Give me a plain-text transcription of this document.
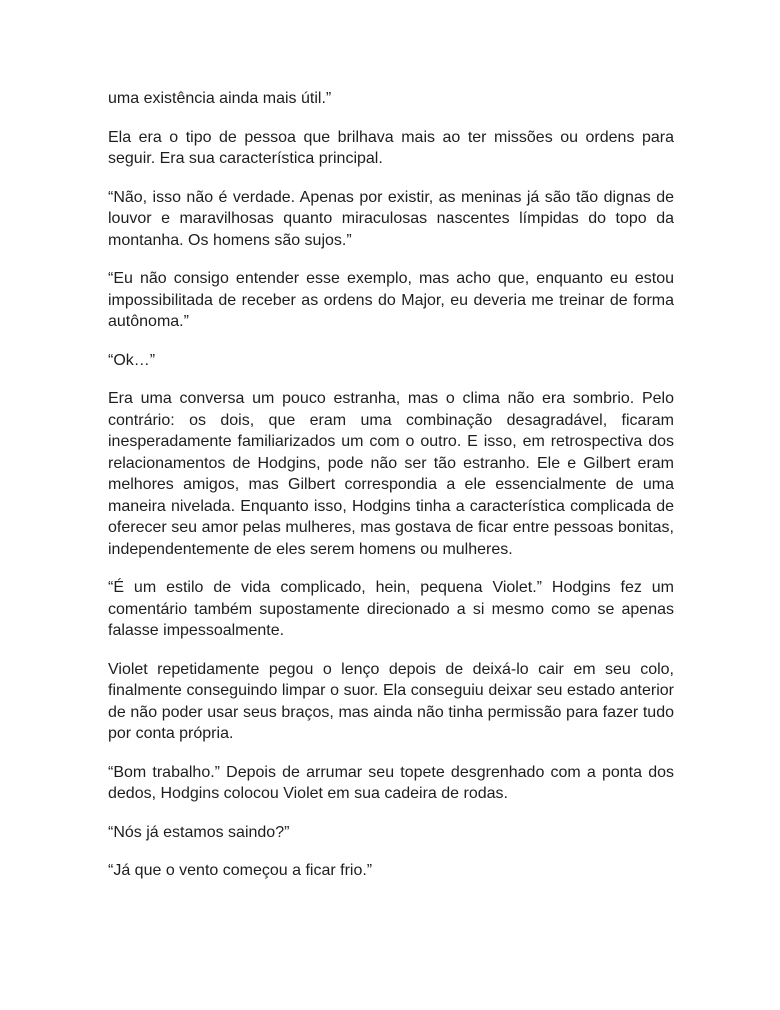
uma existência ainda mais útil.”

Ela era o tipo de pessoa que brilhava mais ao ter missões ou ordens para seguir. Era sua característica principal.

“Não, isso não é verdade. Apenas por existir, as meninas já são tão dignas de louvor e maravilhosas quanto miraculosas nascentes límpidas do topo da montanha. Os homens são sujos.”

“Eu não consigo entender esse exemplo, mas acho que, enquanto eu estou impossibilitada de receber as ordens do Major, eu deveria me treinar de forma autônoma.”

“Ok…”

Era uma conversa um pouco estranha, mas o clima não era sombrio. Pelo contrário: os dois, que eram uma combinação desagradável, ficaram inesperadamente familiarizados um com o outro. E isso, em retrospectiva dos relacionamentos de Hodgins, pode não ser tão estranho. Ele e Gilbert eram melhores amigos, mas Gilbert correspondia a ele essencialmente de uma maneira nivelada. Enquanto isso, Hodgins tinha a característica complicada de oferecer seu amor pelas mulheres, mas gostava de ficar entre pessoas bonitas, independentemente de eles serem homens ou mulheres.

“É um estilo de vida complicado, hein, pequena Violet.” Hodgins fez um comentário também supostamente direcionado a si mesmo como se apenas falasse impessoalmente.

Violet repetidamente pegou o lenço depois de deixá-lo cair em seu colo, finalmente conseguindo limpar o suor. Ela conseguiu deixar seu estado anterior de não poder usar seus braços, mas ainda não tinha permissão para fazer tudo por conta própria.

“Bom trabalho.” Depois de arrumar seu topete desgrenhado com a ponta dos dedos, Hodgins colocou Violet em sua cadeira de rodas.

“Nós já estamos saindo?”

“Já que o vento começou a ficar frio.”
